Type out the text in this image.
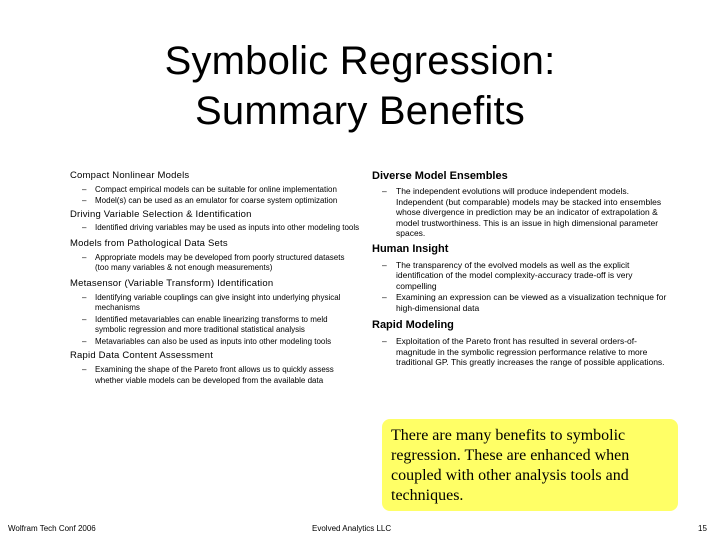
Symbolic Regression:
Summary Benefits

Compact Nonlinear Models

– Compact empirical models can be suitable for online implementation

– Model(s) can be used as an emulator for coarse system optimization

Driving Variable Selection & Identification

– Identified driving variables may be used as inputs into other modeling tools

Models from Pathological Data Sets

– Appropriate models may be developed from poorly structured datasets (too many variables & not enough measurements)

Metasensor (Variable Transform) Identification

– Identifying variable couplings can give insight into underlying physical mechanisms

– Identified metavariables can enable linearizing transforms to meld symbolic regression and more traditional statistical analysis

– Metavariables can also be used as inputs into other modeling tools

Rapid Data Content Assessment

– Examining the shape of the Pareto front allows us to quickly assess whether viable models can be developed from the available data

Diverse Model Ensembles

– The independent evolutions will produce independent models. Independent (but comparable) models may be stacked into ensembles whose divergence in prediction may be an indicator of extrapolation & model trustworthiness. This is an issue in high dimensional parameter spaces.

Human Insight

– The transparency of the evolved models as well as the explicit identification of the model complexity-accuracy trade-off is very compelling

– Examining an expression can be viewed as a visualization technique for high-dimensional data

Rapid Modeling

– Exploitation of the Pareto front has resulted in several orders-of-magnitude in the symbolic regression performance relative to more traditional GP. This greatly increases the range of possible applications.

There are many benefits to symbolic regression. These are enhanced when coupled with other analysis tools and techniques.
Wolfram Tech Conf 2006	Evolved Analytics LLC	15
